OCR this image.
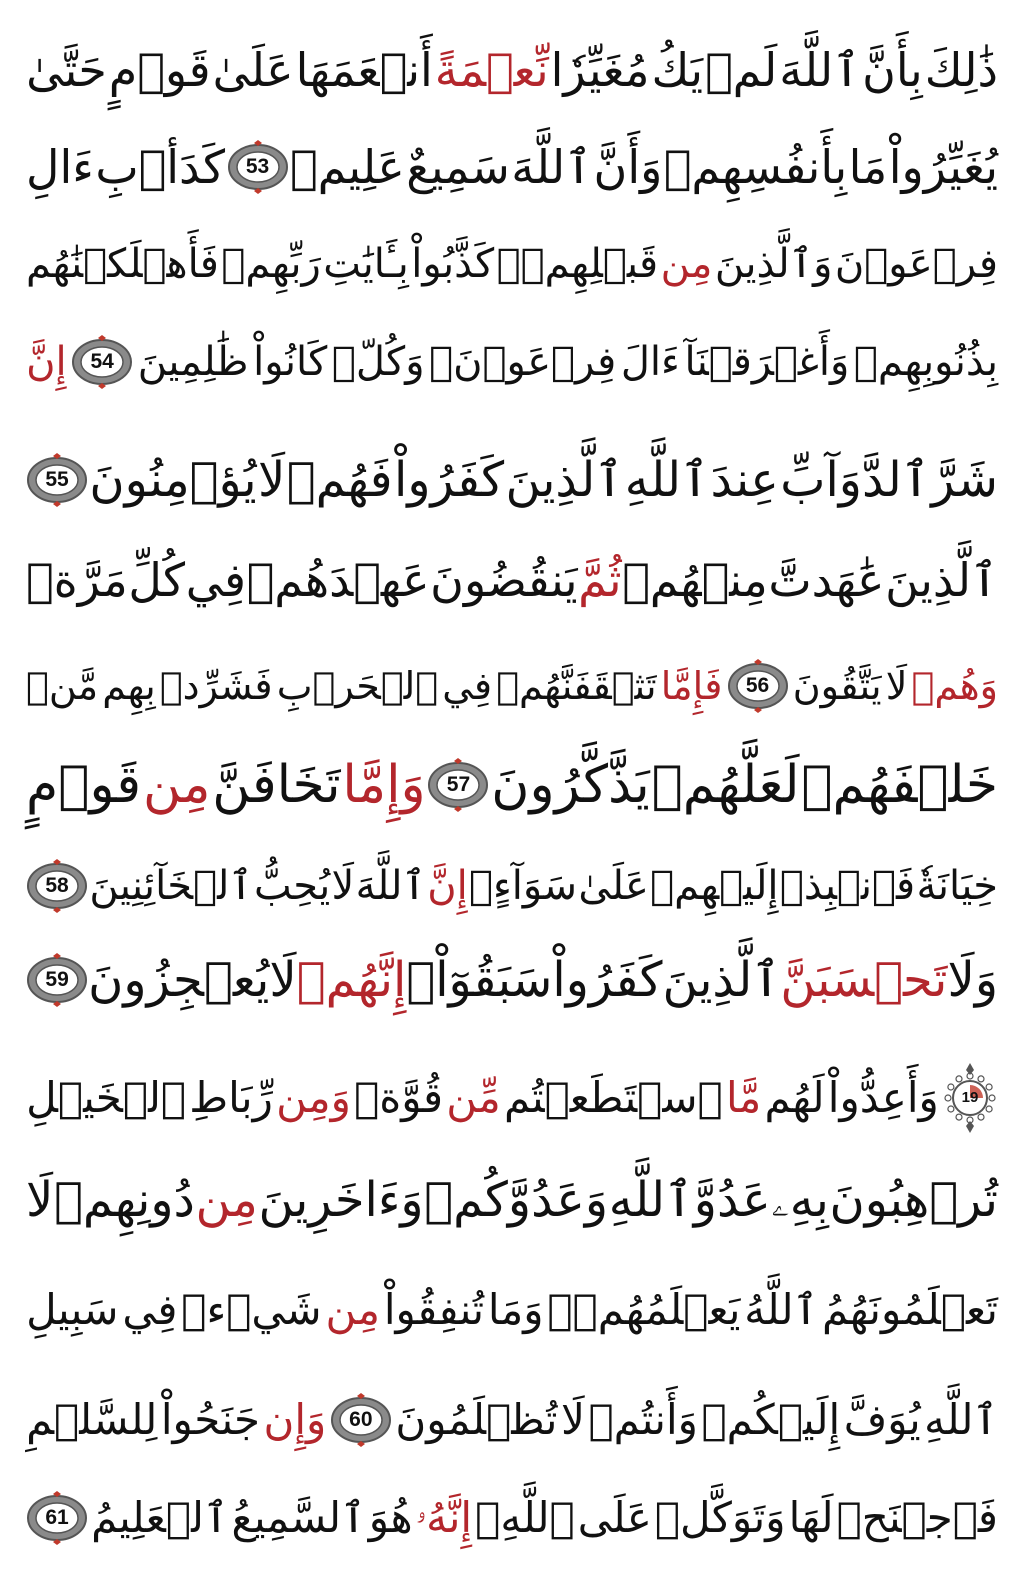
ذَٰلِكَ
بِأَنَّ
ٱللَّهَ
لَمۡ
يَكُ
مُغَيِّرٗا
نِّعۡمَةً
أَنۡعَمَهَا
عَلَىٰ
قَوۡمٍ
حَتَّىٰ
يُغَيِّرُواْ
مَا
بِأَنفُسِهِمۡ
وَأَنَّ
ٱللَّهَ
سَمِيعٌ
عَلِيمٞ
53
كَدَأۡبِ
ءَالِ
فِرۡعَوۡنَ
وَٱلَّذِينَ
مِن
قَبۡلِهِمۡۚ
كَذَّبُواْ
بِـَٔايَٰتِ
رَبِّهِمۡ
فَأَهۡلَكۡنَٰهُم
بِذُنُوبِهِمۡ
وَأَغۡرَقۡنَآ
ءَالَ
فِرۡعَوۡنَۚ
وَكُلّٞ
كَانُواْ
ظَٰلِمِينَ
54
إِنَّ
شَرَّ
ٱلدَّوَآبِّ
عِندَ
ٱللَّهِ
ٱلَّذِينَ
كَفَرُواْ
فَهُمۡ
لَا
يُؤۡمِنُونَ
55
ٱلَّذِينَ
عَٰهَدتَّ
مِنۡهُمۡ
ثُمَّ
يَنقُضُونَ
عَهۡدَهُمۡ
فِي
كُلِّ
مَرَّةٖ
وَهُمۡ
لَا
يَتَّقُونَ
56
فَإِمَّا
تَثۡقَفَنَّهُمۡ
فِي
ٱلۡحَرۡبِ
فَشَرِّدۡ
بِهِم
مَّنۡ
خَلۡفَهُمۡ
لَعَلَّهُمۡ
يَذَّكَّرُونَ
57
وَإِمَّا
تَخَافَنَّ
مِن
قَوۡمٍ
خِيَانَةٗ
فَٱنۢبِذۡ
إِلَيۡهِمۡ
عَلَىٰ
سَوَآءٍۚ
إِنَّ
ٱللَّهَ
لَا
يُحِبُّ
ٱلۡخَآئِنِينَ
58
وَلَا
تَحۡسَبَنَّ
ٱلَّذِينَ
كَفَرُواْ
سَبَقُوٓاْۚ
إِنَّهُمۡ
لَا
يُعۡجِزُونَ
59
19
وَأَعِدُّواْ
لَهُم
مَّا
ٱسۡتَطَعۡتُم
مِّن
قُوَّةٖ
وَمِن
رِّبَاطِ
ٱلۡخَيۡلِ
تُرۡهِبُونَ
بِهِۦ
عَدُوَّ
ٱللَّهِ
وَعَدُوَّكُمۡ
وَءَاخَرِينَ
مِن
دُونِهِمۡ
لَا
تَعۡلَمُونَهُمُ
ٱللَّهُ
يَعۡلَمُهُمۡۚ
وَمَا
تُنفِقُواْ
مِن
شَيۡءٖ
فِي
سَبِيلِ
ٱللَّهِ
يُوَفَّ
إِلَيۡكُمۡ
وَأَنتُمۡ
لَا
تُظۡلَمُونَ
60
وَإِن
جَنَحُواْ
لِلسَّلۡمِ
فَٱجۡنَحۡ
لَهَا
وَتَوَكَّلۡ
عَلَى
ٱللَّهِۚ
إِنَّهُۥ
هُوَ
ٱلسَّمِيعُ
ٱلۡعَلِيمُ
61
